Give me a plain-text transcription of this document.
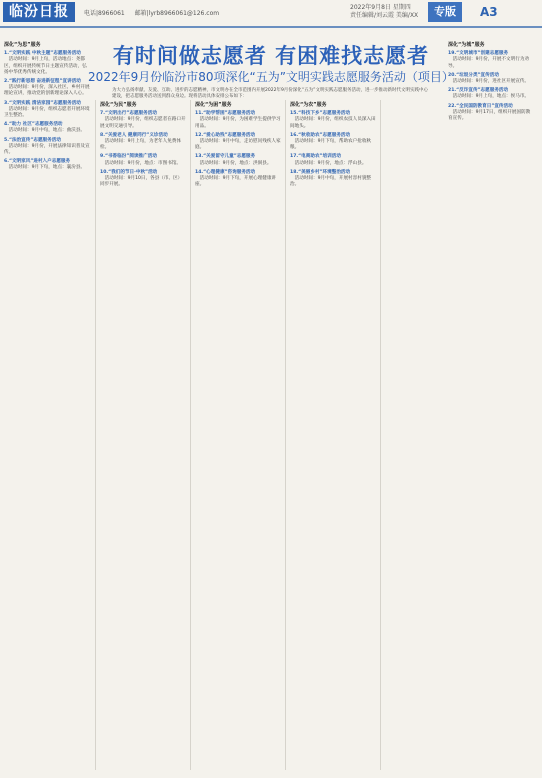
临汾日报	电话|8966061 邮箱|lyrb8966061@126.com
2022年9月8日 星期四
责任编辑/刘云霞 美编/XX	专版	A3
有时间做志愿者 有困难找志愿者
2022年9月份临汾市80项深化“五为”文明实践志愿服务活动（项目）
为大力弘扬奉献、友爱、互助、进步的志愿精神，市文明办在全市范围内开展2022年9月份深化“五为”文明实践志愿服务活动，进一步推动新时代文明实践中心建设，把志愿服务活动送到群众身边。现将活动具体安排公布如下：
深化“为思”服务
1.“文明实践 中秋主题”志愿服务活动
活动时间：9月上旬，活动地点：尧都区，组织开展传统节日主题宣传活动，弘扬中华优秀传统文化。
2.“践行新思想 奋进新征程”宣讲活动
活动时间：9月份，深入社区、乡村开展理论宣讲，推动党的创新理论深入人心。
3.“文明实践 清洁家园”志愿服务活动
活动时间：9月份，组织志愿者开展环境卫生整治。
4.“助力 社区”志愿服务活动
活动时间：9月中旬，地点：曲沃县。
5.“法治宣传”志愿服务活动
活动时间：9月份，开展法律知识普及宣传。
6.“文明家风”进村入户志愿服务
活动时间：9月下旬，地点：襄汾县。
深化“为民”服务
7.“文明出行”志愿服务活动
活动时间：9月份，组织志愿者在路口开展文明交通引导。
8.“关爱老人 健康同行”义诊活动
活动时间：9月上旬，为老年人免费体检。
9.“书香临汾”阅读推广活动
活动时间：9月份，地点：市图书馆。
10.“我们的节日·中秋”活动
活动时间：9月10日，各县（市、区）同步开展。
深化“为困”服务
11.“助学帮困”志愿服务活动
活动时间：9月份，为困难学生提供学习用品。
12.“爱心助残”志愿服务活动
活动时间：9月中旬，走访慰问残疾人家庭。
13.“关爱留守儿童”志愿服务
活动时间：9月份，地点：洪洞县。
14.“心理健康”咨询服务活动
活动时间：9月下旬，开展心理健康讲座。
深化“为农”服务
15.“科技下乡”志愿服务活动
活动时间：9月份，组织农技人员深入田间地头。
16.“秋收助农”志愿服务活动
活动时间：9月下旬，帮助农户抢收秋粮。
17.“电商助农”培训活动
活动时间：9月份，地点：浮山县。
18.“美丽乡村”环境整治活动
活动时间：9月中旬，开展村容村貌整治。
深化“为城”服务
19.“文明城市”创建志愿服务
活动时间：9月份，开展不文明行为劝导。
20.“垃圾分类”宣传活动
活动时间：9月份，进社区开展宣传。
21.“反诈宣传”志愿服务活动
活动时间：9月上旬，地点：侯马市。
22.“全民国防教育日”宣传活动
活动时间：9月17日，组织开展国防教育宣传。
